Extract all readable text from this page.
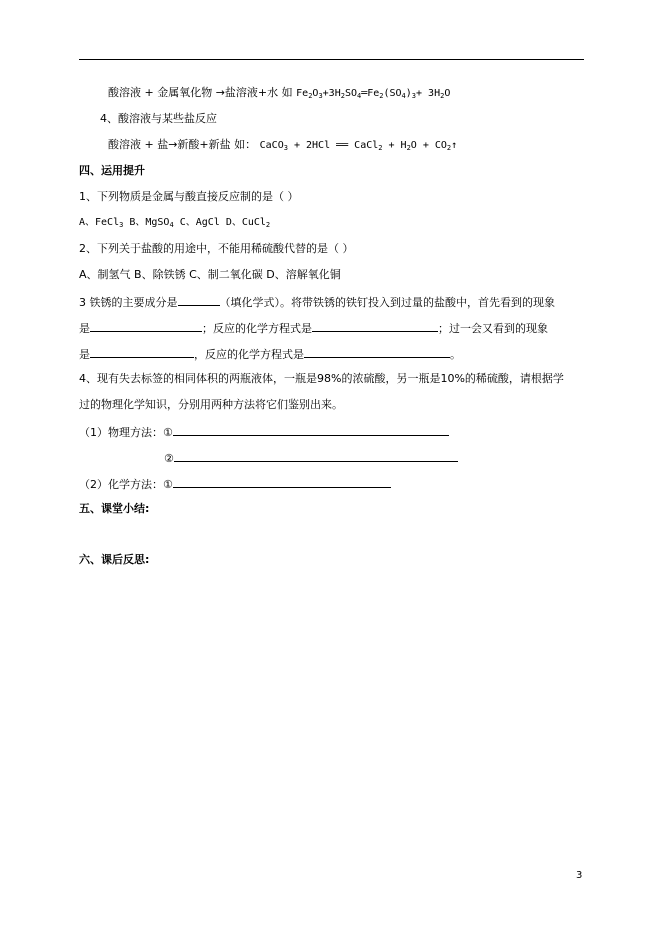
酸溶液 + 金属氧化物 →盐溶液+水 如 $Fe_2O_3+3H_2SO_4═Fe_2(SO_4)_3+ 3H_2O$
4、酸溶液与某些盐反应
酸溶液 + 盐→新酸+新盐 如： CaCO$_3$ + 2HCl ══ CaCl$_2$ + $H_2O$ + $CO_2↑$
四、运用提升
1、下列物质是金属与酸直接反应制的是（ ）
A、FeCl$_3$ B、MgSO$_4$ C、AgCl D、CuCl$_2$
2、下列关于盐酸的用途中，不能用稀硫酸代替的是（ ）
A、制氢气 B、除铁锈 C、制二氧化碳 D、溶解氧化铜
3 铁锈的主要成分是	（填化学式）。将带铁锈的铁钉投入到过量的盐酸中，首先看到的现象
是	；反应的化学方程式是	；过一会又看到的现象
是	，反应的化学方程式是	。
4、现有失去标签的相同体积的两瓶液体，一瓶是98%的浓硫酸，另一瓶是10%的稀硫酸，请根据学
过的物理化学知识，分别用两种方法将它们鉴别出来。
（1）物理方法：①
②
（2）化学方法：①
五、课堂小结:
六、课后反思:
3
